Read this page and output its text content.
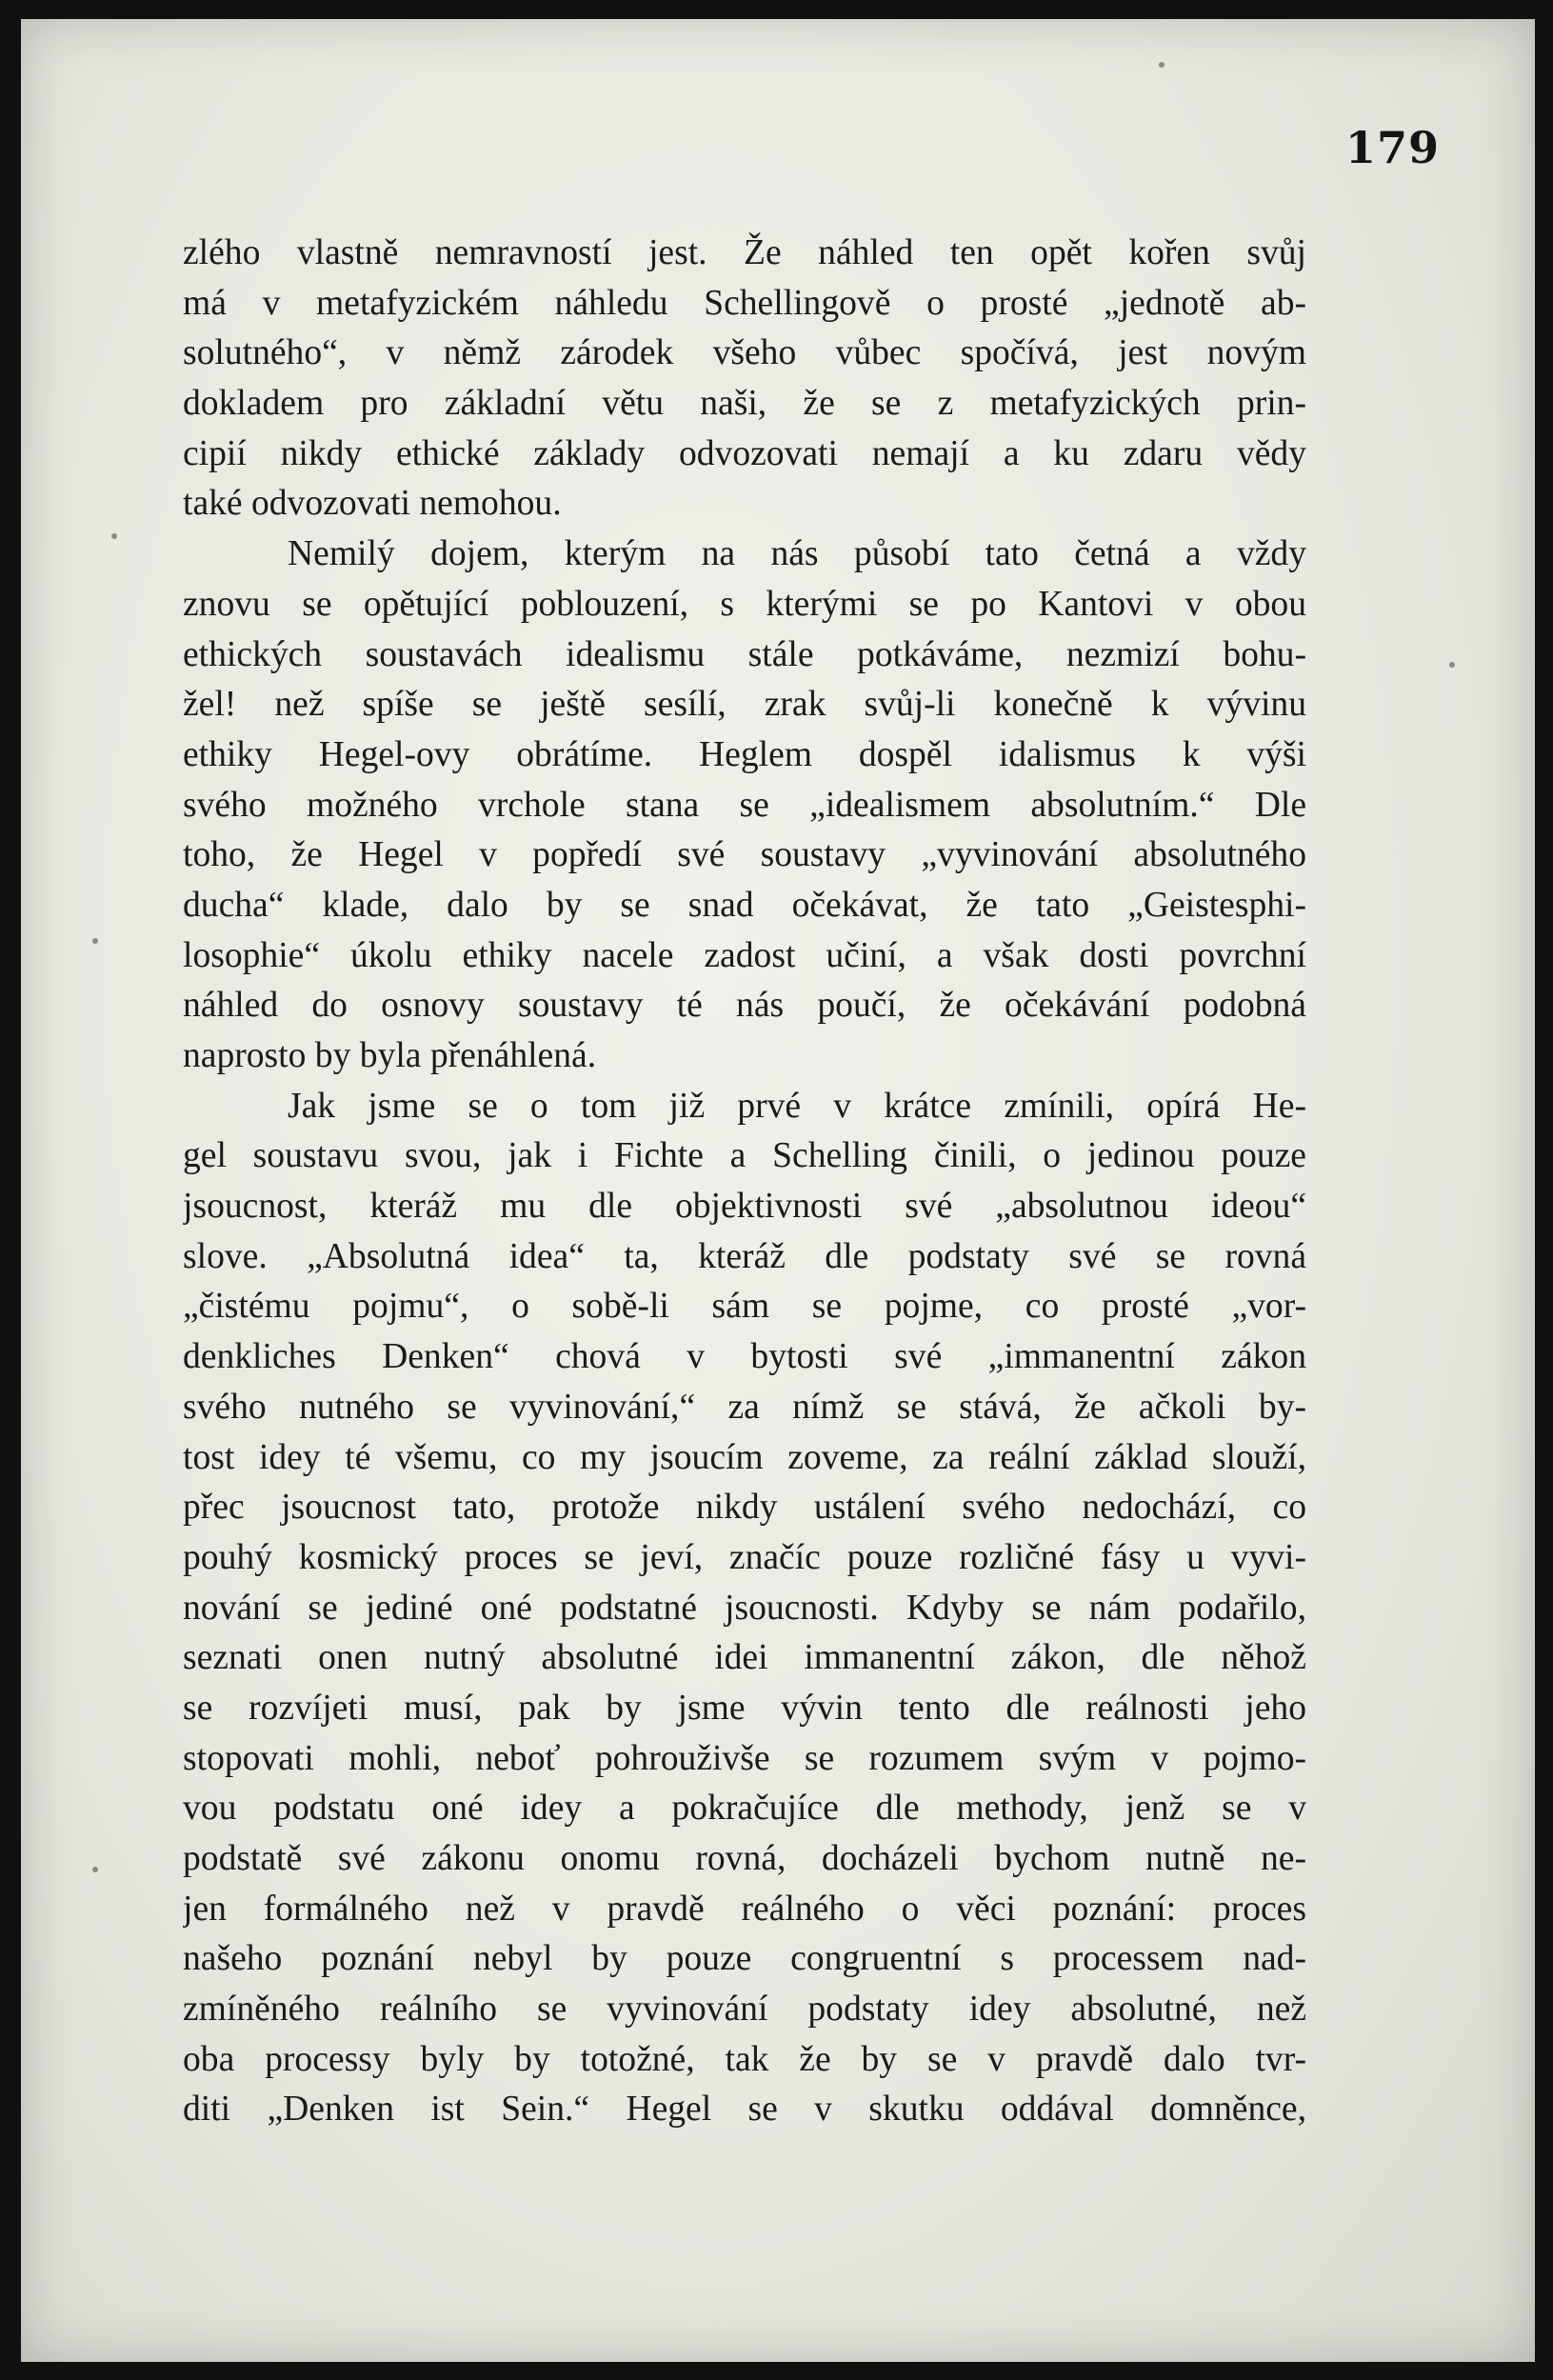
179
zlého vlastně nemravností jest. Že náhled ten opět kořen svůj
má v metafyzickém náhledu Schellingově o prosté „jednotě ab-
solutného“, v němž zárodek všeho vůbec spočívá, jest novým
dokladem pro základní větu naši, že se z metafyzických prin-
cipií nikdy ethické základy odvozovati nemají a ku zdaru vědy
také odvozovati nemohou.
Nemilý dojem, kterým na nás působí tato četná a vždy
znovu se opětující poblouzení, s kterými se po Kantovi v obou
ethických soustavách idealismu stále potkáváme, nezmizí bohu-
žel! než spíše se ještě sesílí, zrak svůj-li konečně k vývinu
ethiky Hegel-ovy obrátíme. Heglem dospěl idalismus k výši
svého možného vrchole stana se „idealismem absolutním.“ Dle
toho, že Hegel v popředí své soustavy „vyvinování absolutného
ducha“ klade, dalo by se snad očekávat, že tato „Geistesphi-
losophie“ úkolu ethiky nacele zadost učiní, a však dosti povrchní
náhled do osnovy soustavy té nás poučí, že očekávání podobná
naprosto by byla přenáhlená.
Jak jsme se o tom již prvé v krátce zmínili, opírá He-
gel soustavu svou, jak i Fichte a Schelling činili, o jedinou pouze
jsoucnost, kteráž mu dle objektivnosti své „absolutnou ideou“
slove. „Absolutná idea“ ta, kteráž dle podstaty své se rovná
„čistému pojmu“, o sobě-li sám se pojme, co prosté „vor-
denkliches Denken“ chová v bytosti své „immanentní zákon
svého nutného se vyvinování,“ za nímž se stává, že ačkoli by-
tost idey té všemu, co my jsoucím zoveme, za reální základ slouží,
přec jsoucnost tato, protože nikdy ustálení svého nedochází, co
pouhý kosmický proces se jeví, značíc pouze rozličné fásy u vyvi-
nování se jediné oné podstatné jsoucnosti. Kdyby se nám podařilo,
seznati onen nutný absolutné idei immanentní zákon, dle něhož
se rozvíjeti musí, pak by jsme vývin tento dle reálnosti jeho
stopovati mohli, neboť pohrouživše se rozumem svým v pojmo-
vou podstatu oné idey a pokračujíce dle methody, jenž se v
podstatě své zákonu onomu rovná, docházeli bychom nutně ne-
jen formálného než v pravdě reálného o věci poznání: proces
našeho poznání nebyl by pouze congruentní s processem nad-
zmíněného reálního se vyvinování podstaty idey absolutné, než
oba processy byly by totožné, tak že by se v pravdě dalo tvr-
diti „Denken ist Sein.“ Hegel se v skutku oddával domněnce,
